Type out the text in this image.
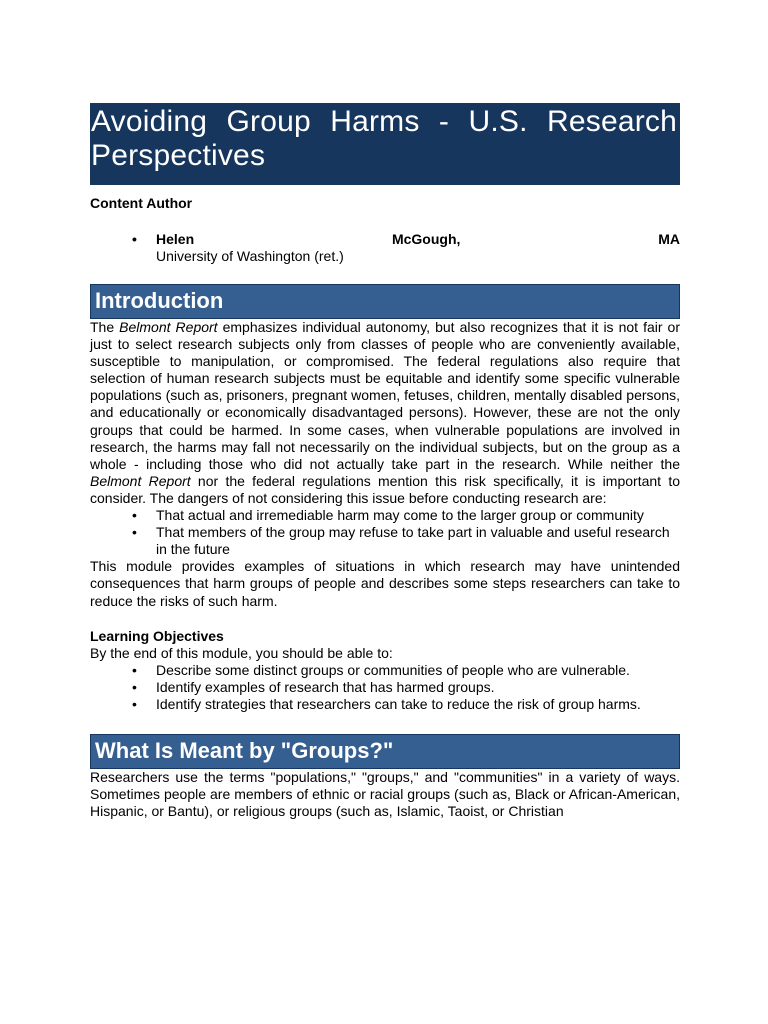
Avoiding Group Harms - U.S. Research Perspectives

Content Author

• Helen	McGough,	MA
University of Washington (ret.)
Introduction

The Belmont Report emphasizes individual autonomy, but also recognizes that it is not fair or just to select research subjects only from classes of people who are conveniently available, susceptible to manipulation, or compromised. The federal regulations also require that selection of human research subjects must be equitable and identify some specific vulnerable populations (such as, prisoners, pregnant women, fetuses, children, mentally disabled persons, and educationally or economically disadvantaged persons). However, these are not the only groups that could be harmed. In some cases, when vulnerable populations are involved in research, the harms may fall not necessarily on the individual subjects, but on the group as a whole - including those who did not actually take part in the research. While neither the Belmont Report nor the federal regulations mention this risk specifically, it is important to consider. The dangers of not considering this issue before conducting research are:

• That actual and irremediable harm may come to the larger group or community
• That members of the group may refuse to take part in valuable and useful research in the future

This module provides examples of situations in which research may have unintended consequences that harm groups of people and describes some steps researchers can take to reduce the risks of such harm.

Learning Objectives

By the end of this module, you should be able to:

• Describe some distinct groups or communities of people who are vulnerable.
• Identify examples of research that has harmed groups.
• Identify strategies that researchers can take to reduce the risk of group harms.
What Is Meant by "Groups?"

Researchers use the terms "populations," "groups," and "communities" in a variety of ways. Sometimes people are members of ethnic or racial groups (such as, Black or African-American, Hispanic, or Bantu), or religious groups (such as, Islamic, Taoist, or Christian
